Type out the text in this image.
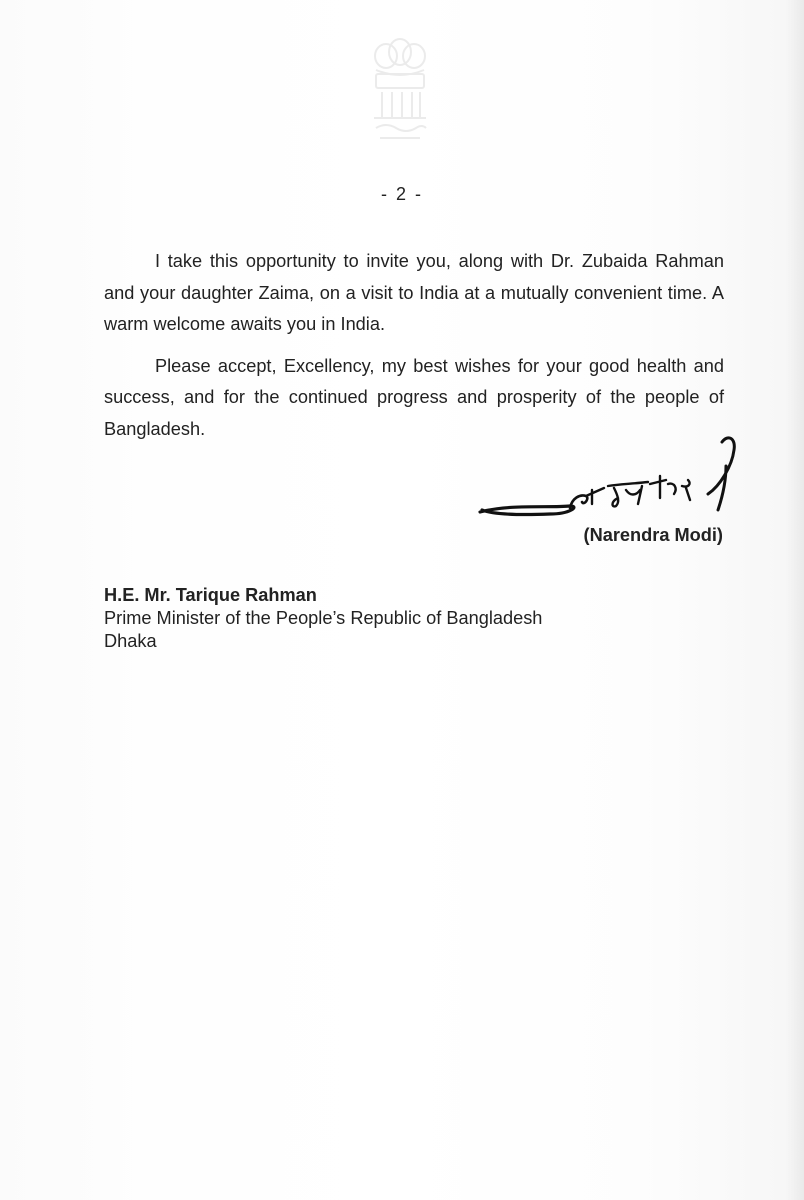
- 2 -

I take this opportunity to invite you, along with Dr. Zubaida Rahman and your daughter Zaima, on a visit to India at a mutually convenient time. A warm welcome awaits you in India.

Please accept, Excellency, my best wishes for your good health and success, and for the continued progress and prosperity of the people of Bangladesh.

(Narendra Modi)
H.E. Mr. Tarique Rahman
Prime Minister of the People’s Republic of Bangladesh
Dhaka
